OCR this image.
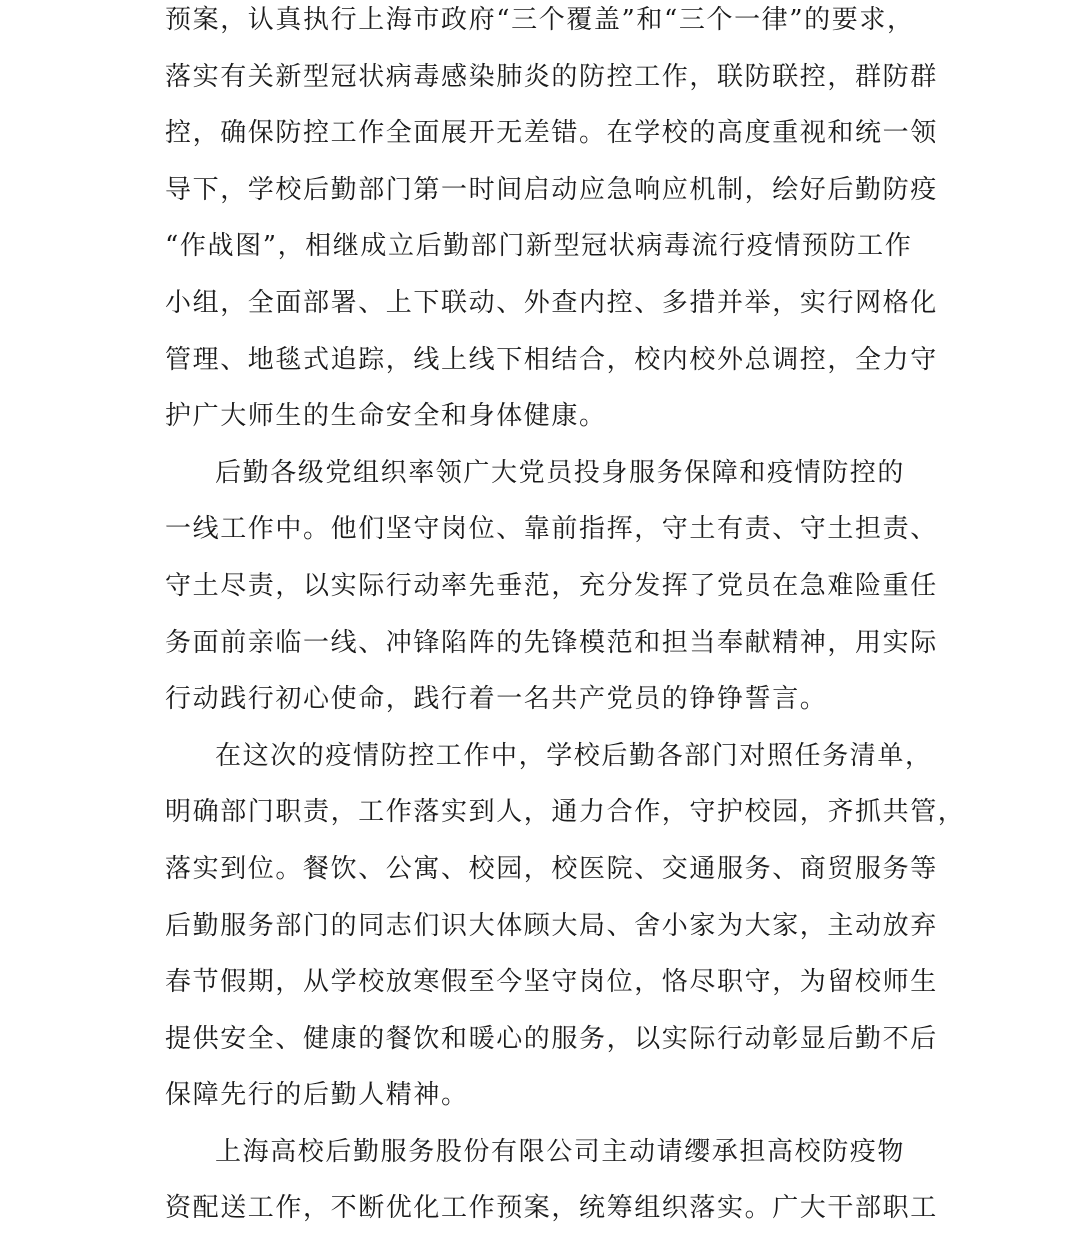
预案，认真执行上海市政府“三个覆盖”和“三个一律”的要求，
落实有关新型冠状病毒感染肺炎的防控工作，联防联控，群防群
控，确保防控工作全面展开无差错。在学校的高度重视和统一领
导下，学校后勤部门第一时间启动应急响应机制，绘好后勤防疫
“作战图”，相继成立后勤部门新型冠状病毒流行疫情预防工作
小组，全面部署、上下联动、外查内控、多措并举，实行网格化
管理、地毯式追踪，线上线下相结合，校内校外总调控，全力守
护广大师生的生命安全和身体健康。
后勤各级党组织率领广大党员投身服务保障和疫情防控的
一线工作中。他们坚守岗位、靠前指挥，守土有责、守土担责、
守土尽责，以实际行动率先垂范，充分发挥了党员在急难险重任
务面前亲临一线、冲锋陷阵的先锋模范和担当奉献精神，用实际
行动践行初心使命，践行着一名共产党员的铮铮誓言。
在这次的疫情防控工作中，学校后勤各部门对照任务清单，
明确部门职责，工作落实到人，通力合作，守护校园，齐抓共管，
落实到位。餐饮、公寓、校园，校医院、交通服务、商贸服务等
后勤服务部门的同志们识大体顾大局、舍小家为大家，主动放弃
春节假期，从学校放寒假至今坚守岗位，恪尽职守，为留校师生
提供安全、健康的餐饮和暖心的服务，以实际行动彰显后勤不后
保障先行的后勤人精神。
上海高校后勤服务股份有限公司主动请缨承担高校防疫物
资配送工作，不断优化工作预案，统筹组织落实。广大干部职工
